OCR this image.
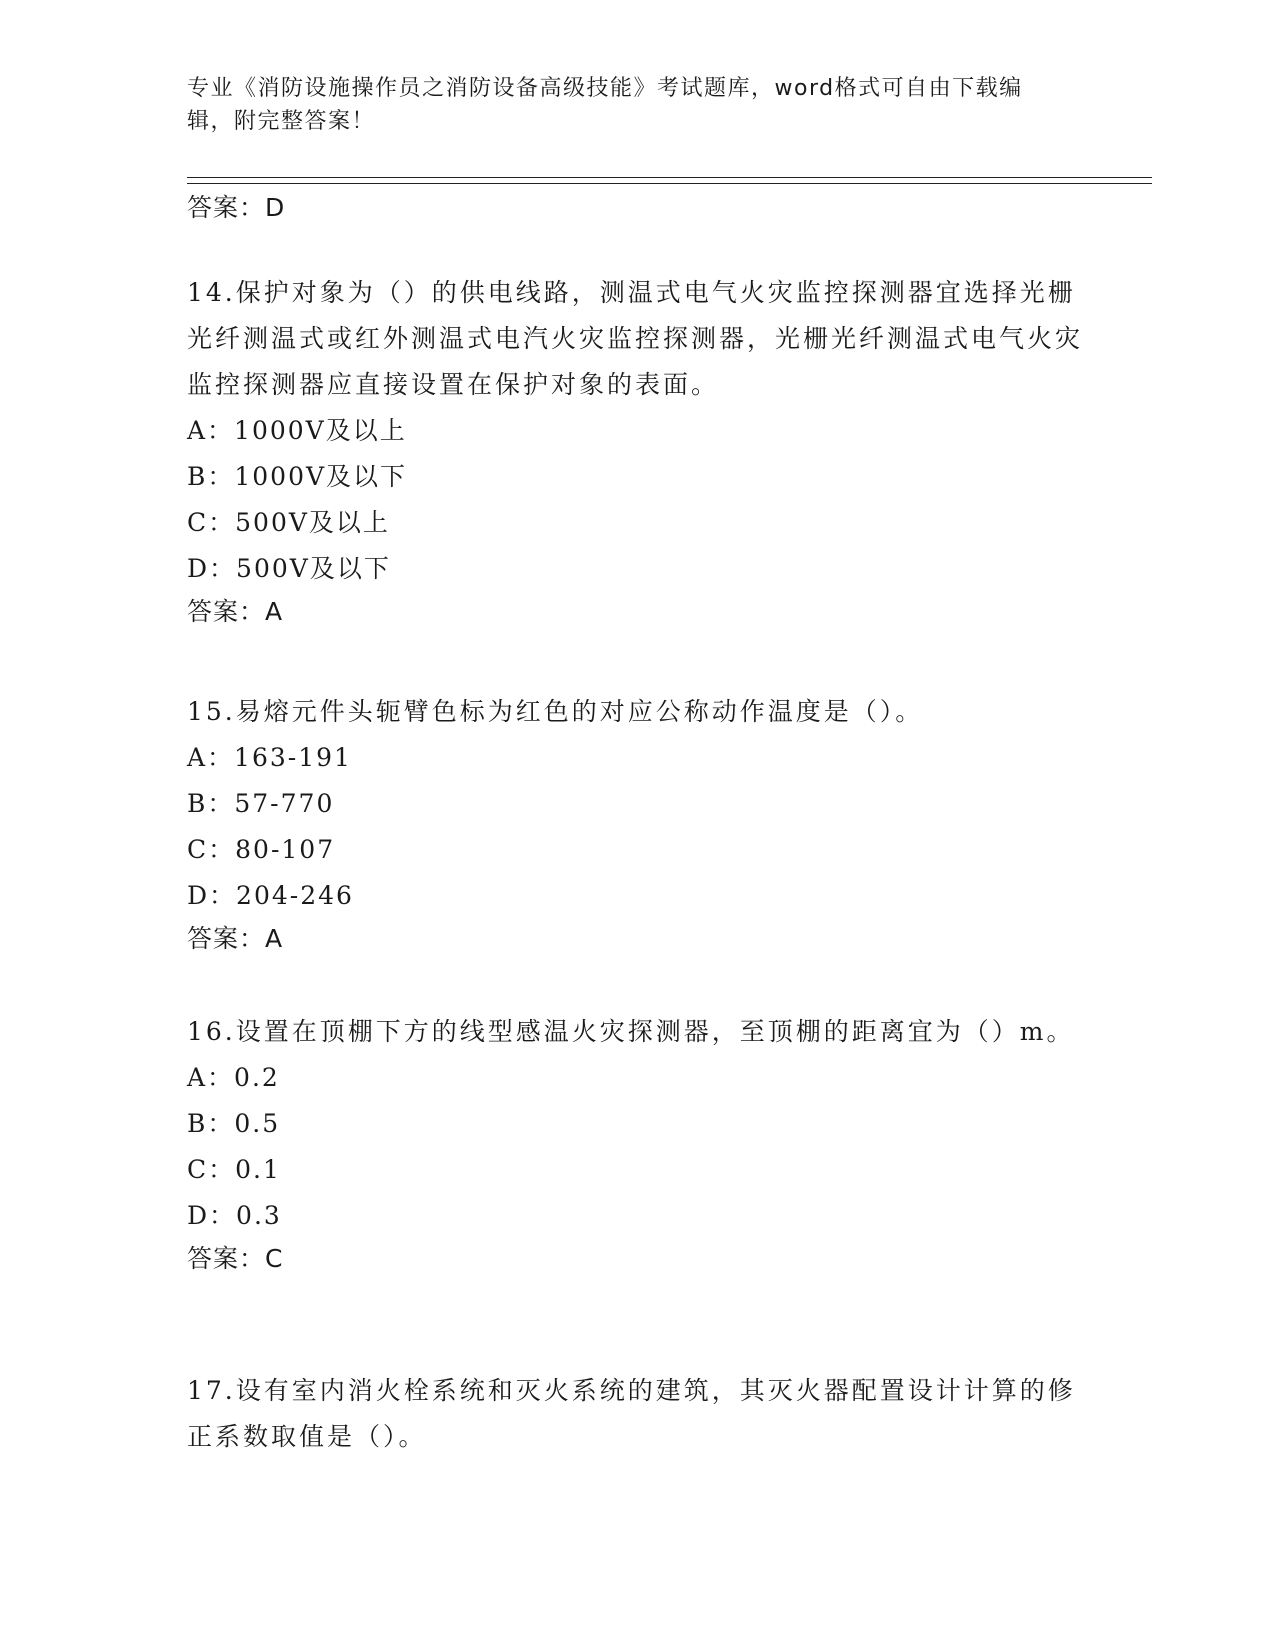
专业《消防设施操作员之消防设备高级技能》考试题库，word格式可自由下载编辑，附完整答案！
答案：D
14.保护对象为（）的供电线路，测温式电气火灾监控探测器宜选择光栅光纤测温式或红外测温式电汽火灾监控探测器，光栅光纤测温式电气火灾监控探测器应直接设置在保护对象的表面。
A：1000V及以上
B：1000V及以下
C：500V及以上
D：500V及以下
答案：A
15.易熔元件头轭臂色标为红色的对应公称动作温度是（）。
A：163-191
B：57-770
C：80-107
D：204-246
答案：A
16.设置在顶棚下方的线型感温火灾探测器，至顶棚的距离宜为（）m。
A：0.2
B：0.5
C：0.1
D：0.3
答案：C
17.设有室内消火栓系统和灭火系统的建筑，其灭火器配置设计计算的修正系数取值是（）。
